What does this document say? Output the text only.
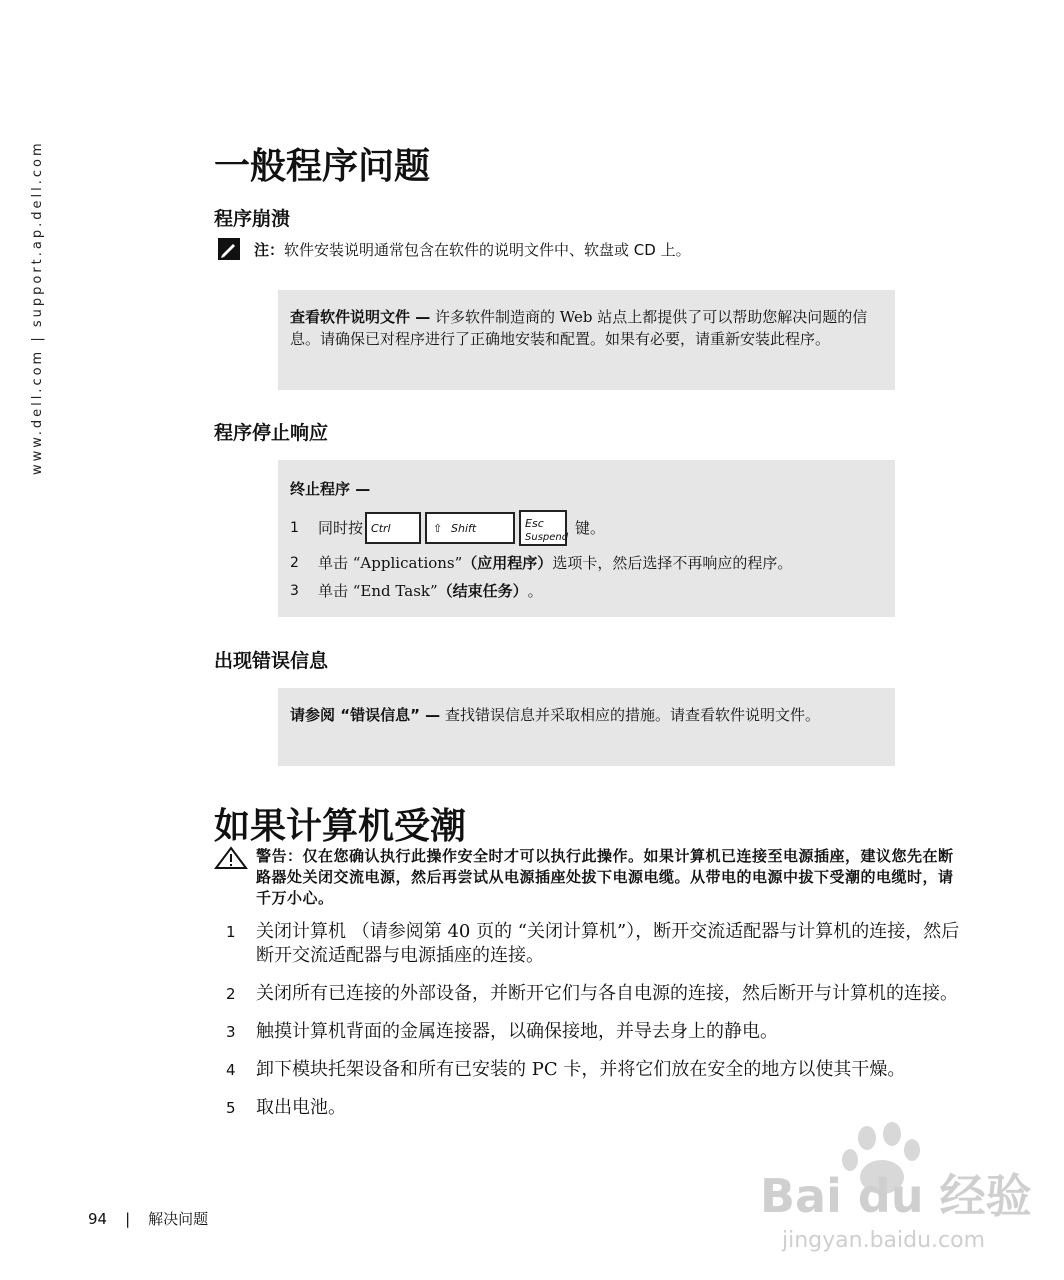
www.dell.com | support.ap.dell.com	一般程序问题
程序崩溃
注： 软件安装说明通常包含在软件的说明文件中、软盘或 CD 上。
查看软件说明文件 — 许多软件制造商的 Web 站点上都提供了可以帮助您解决问题的信息。请确保已对程序进行了正确地安装和配置。如果有必要，请重新安装此程序。
程序停止响应
终止程序 —
1	同时按 Ctrl	⇧ Shift	Esc
Suspend
键。
2	单击 “Applications” （应用程序） 选项卡，然后选择不再响应的程序。
3	单击 “End Task” （结束任务） 。
出现错误信息
请参阅 “错误信息” — 查找错误信息并采取相应的措施。请查看软件说明文件。
如果计算机受潮
警告：仅在您确认执行此操作安全时才可以执行此操作。如果计算机已连接至电源插座，建议您先在断路器处关闭交流电源，然后再尝试从电源插座处拔下电源电缆。从带电的电源中拔下受潮的电缆时，请千万小心。
1	关闭计算机 （请参阅第 40 页的 “关闭计算机”），断开交流适配器与计算机的连接，然后断开交流适配器与电源插座的连接。
2	关闭所有已连接的外部设备，并断开它们与各自电源的连接，然后断开与计算机的连接。
3	触摸计算机背面的金属连接器，以确保接地，并导去身上的静电。
4	卸下模块托架设备和所有已安装的 PC 卡，并将它们放在安全的地方以使其干燥。
5	取出电池。
94 | 解决问题	Bai du 经验
jingyan.baidu.com
